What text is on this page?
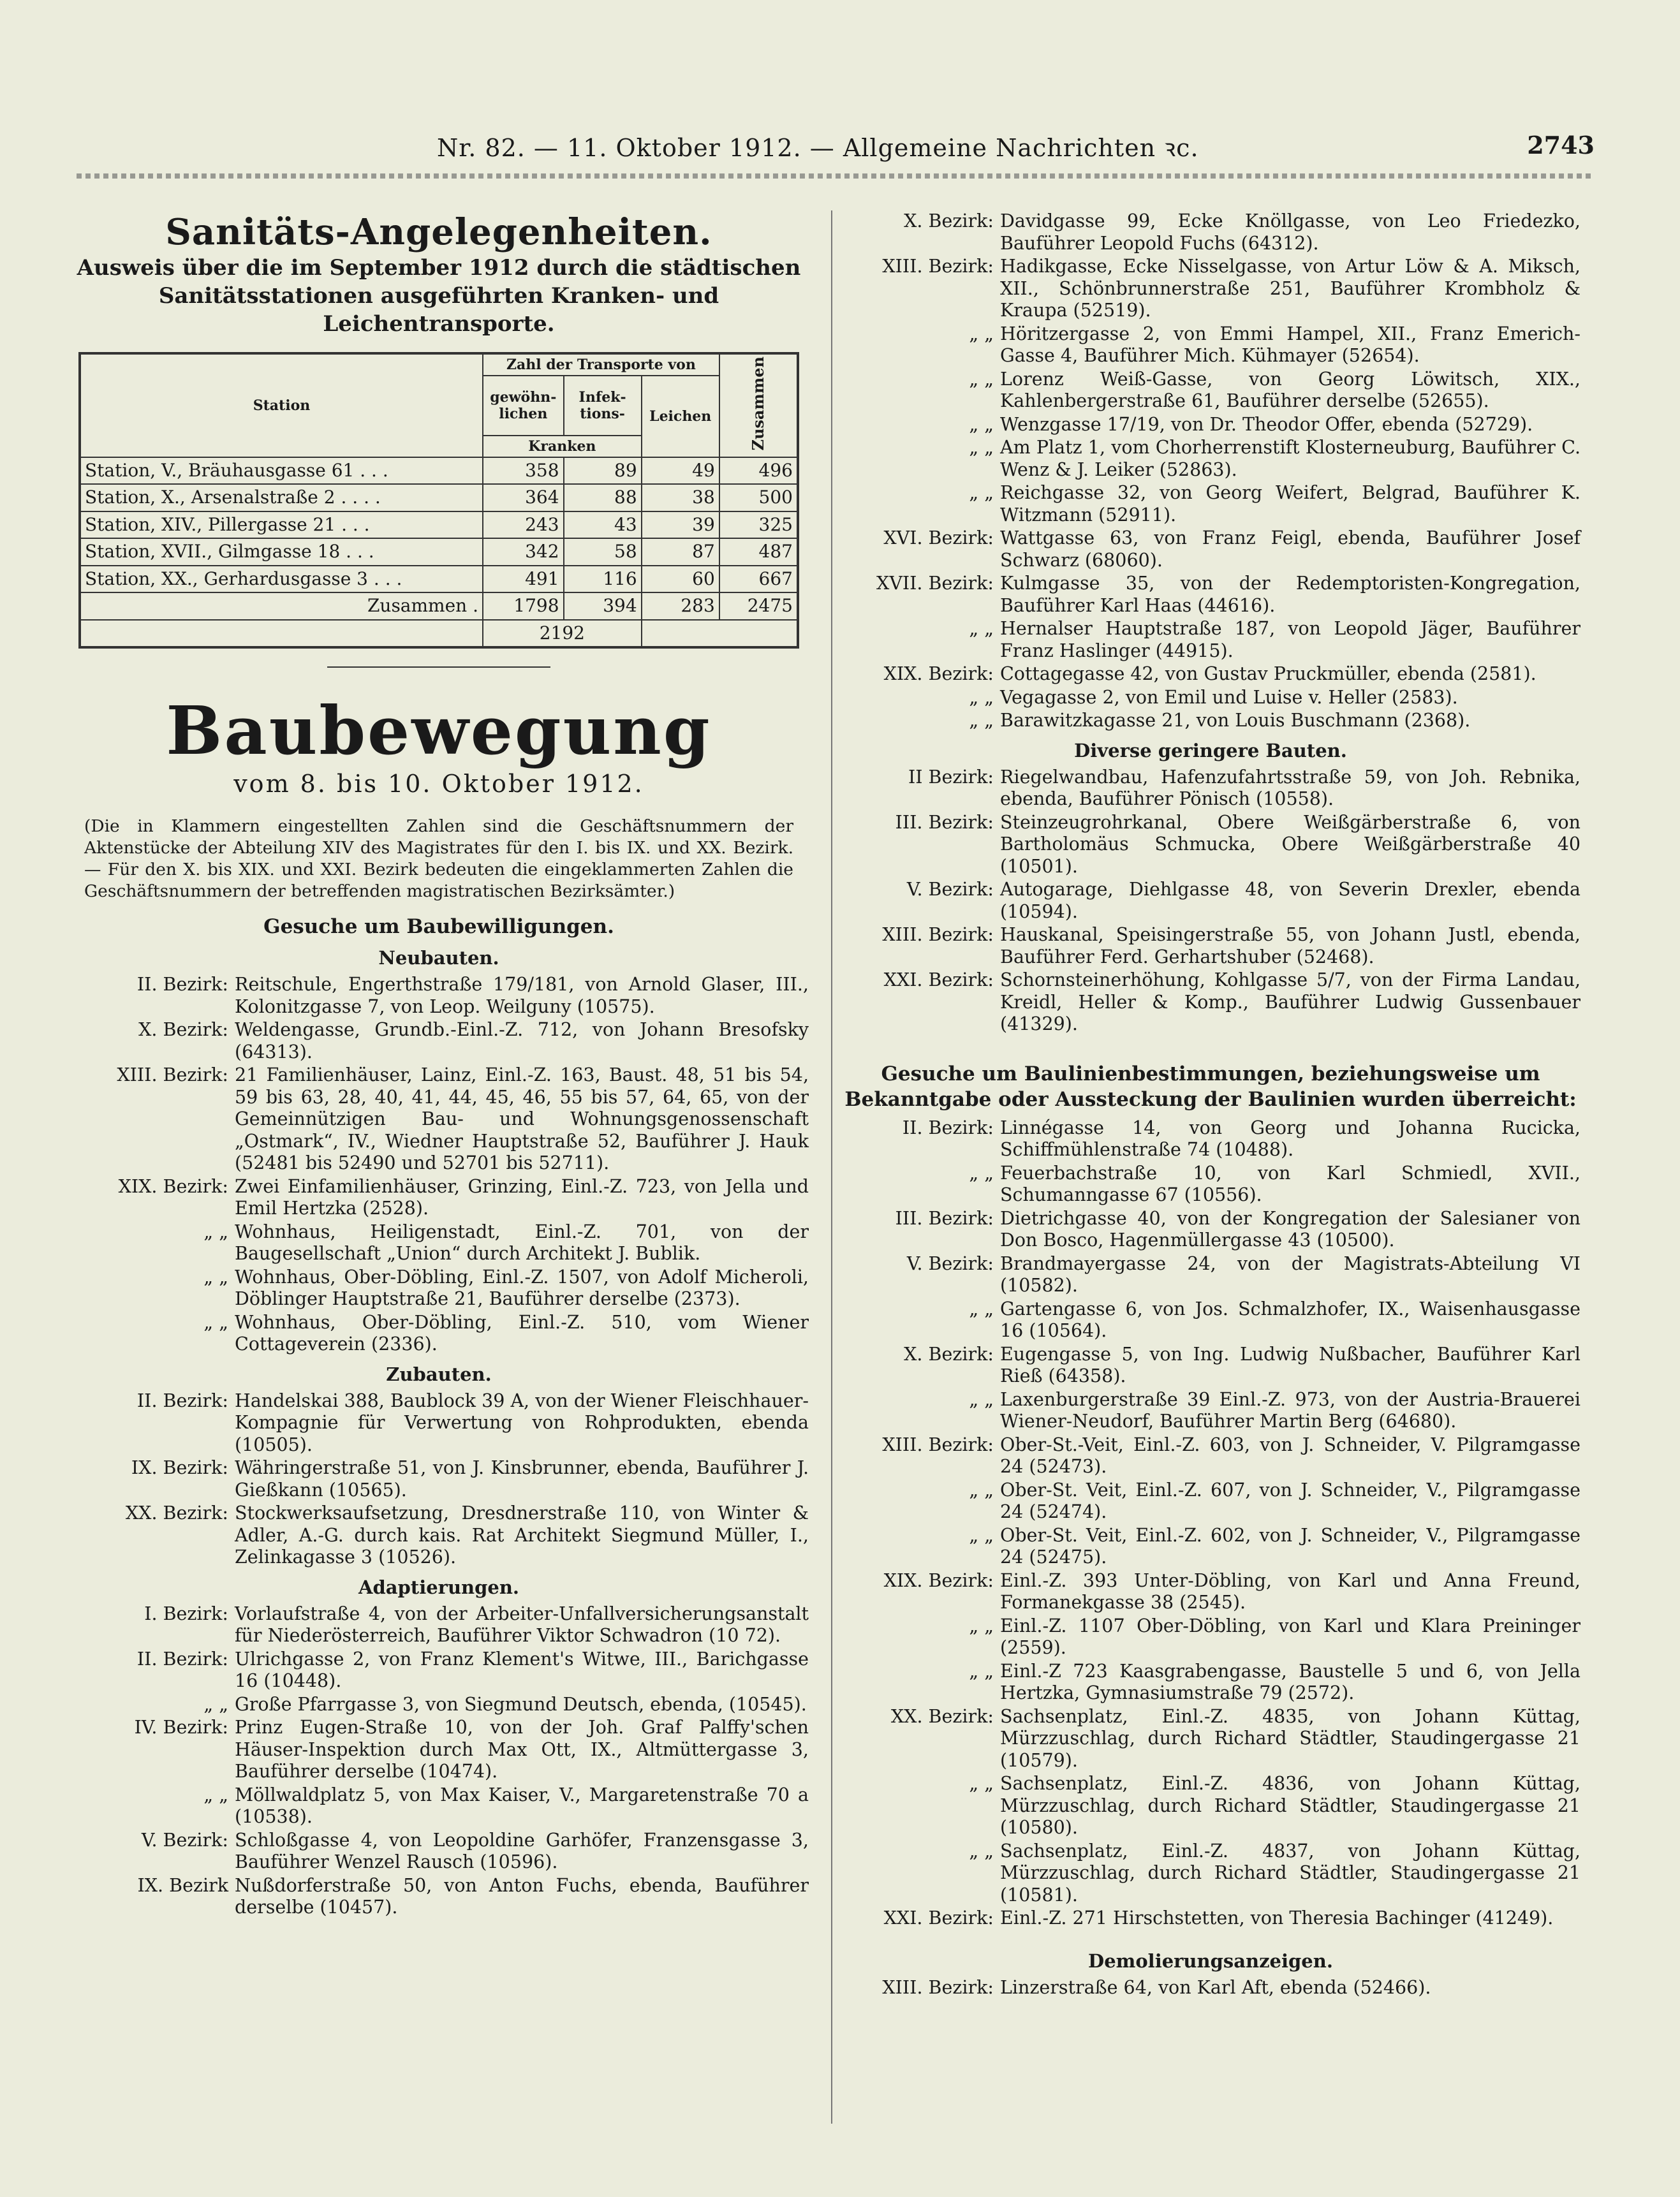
Nr. 82. — 11. Oktober 1912. — Allgemeine Nachrichten ꝛc.	2743

Sanitäts-Angelegenheiten.

Ausweis über die im September 1912 durch die städtischen Sanitätsstationen ausgeführten Kranken- und Leichentransporte.

Station	Zahl der Transporte von			Zusammen
	gewöhnlichen	Infektions-	Leichen	
	Kranken			
Station, V., Bräuhausgasse 61 . . .	358	89	49	496
Station, X., Arsenalstraße 2 . . . .	364	88	38	500
Station, XIV., Pillergasse 21 . . .	243	43	39	325
Station, XVII., Gilmgasse 18 . . .	342	58	87	487
Station, XX., Gerhardusgasse 3 . . .	491	116	60	667
Zusammen .	1798	394	283	2475
	2192			

Baubewegung

vom 8. bis 10. Oktober 1912.

(Die in Klammern eingestellten Zahlen sind die Geschäftsnummern der Aktenstücke der Abteilung XIV des Magistrates für den I. bis IX. und XX. Bezirk. — Für den X. bis XIX. und XXI. Bezirk bedeuten die eingeklammerten Zahlen die Geschäftsnummern der betreffenden magistratischen Bezirksämter.)

Gesuche um Baubewilligungen.

Neubauten.

II. Bezirk: Reitschule, Engerthstraße 179/181, von Arnold Glaser, III., Kolonitzgasse 7, von Leop. Weilguny (10575).
X. Bezirk: Weldengasse, Grundb.-Einl.-Z. 712, von Johann Bresofsky (64313).
XIII. Bezirk: 21 Familienhäuser, Lainz, Einl.-Z. 163, Baust. 48, 51 bis 54, 59 bis 63, 28, 40, 41, 44, 45, 46, 55 bis 57, 64, 65, von der Gemeinnützigen Bau- und Wohnungsgenossenschaft „Ostmark“, IV., Wiedner Hauptstraße 52, Bauführer J. Hauk (52481 bis 52490 und 52701 bis 52711).
XIX. Bezirk: Zwei Einfamilienhäuser, Grinzing, Einl.-Z. 723, von Jella und Emil Hertzka (2528).
„ „ Wohnhaus, Heiligenstadt, Einl.-Z. 701, von der Baugesellschaft „Union“ durch Architekt J. Bublik.
„ „ Wohnhaus, Ober-Döbling, Einl.-Z. 1507, von Adolf Micheroli, Döblinger Hauptstraße 21, Bauführer derselbe (2373).
„ „ Wohnhaus, Ober-Döbling, Einl.-Z. 510, vom Wiener Cottageverein (2336).

Zubauten.

II. Bezirk: Handelskai 388, Baublock 39 A, von der Wiener Fleischhauer-Kompagnie für Verwertung von Rohprodukten, ebenda (10505).
IX. Bezirk: Währingerstraße 51, von J. Kinsbrunner, ebenda, Bauführer J. Gießkann (10565).
XX. Bezirk: Stockwerksaufsetzung, Dresdnerstraße 110, von Winter & Adler, A.-G. durch kais. Rat Architekt Siegmund Müller, I., Zelinkagasse 3 (10526).

Adaptierungen.

I. Bezirk: Vorlaufstraße 4, von der Arbeiter-Unfallversicherungsanstalt für Niederösterreich, Bauführer Viktor Schwadron (10 72).
II. Bezirk: Ulrichgasse 2, von Franz Klement's Witwe, III., Barichgasse 16 (10448).
„ „ Große Pfarrgasse 3, von Siegmund Deutsch, ebenda, (10545).
IV. Bezirk: Prinz Eugen-Straße 10, von der Joh. Graf Palffy'schen Häuser-Inspektion durch Max Ott, IX., Altmüttergasse 3, Bauführer derselbe (10474).
„ „ Möllwaldplatz 5, von Max Kaiser, V., Margaretenstraße 70 a (10538).
V. Bezirk: Schloßgasse 4, von Leopoldine Garhöfer, Franzensgasse 3, Bauführer Wenzel Rausch (10596).
IX. Bezirk Nußdorferstraße 50, von Anton Fuchs, ebenda, Bauführer derselbe (10457).
X. Bezirk: Davidgasse 99, Ecke Knöllgasse, von Leo Friedezko, Bauführer Leopold Fuchs (64312).
XIII. Bezirk: Hadikgasse, Ecke Nisselgasse, von Artur Löw & A. Miksch, XII., Schönbrunnerstraße 251, Bauführer Krombholz & Kraupa (52519).
„ „ Höritzergasse 2, von Emmi Hampel, XII., Franz Emerich-Gasse 4, Bauführer Mich. Kühmayer (52654).
„ „ Lorenz Weiß-Gasse, von Georg Löwitsch, XIX., Kahlenbergerstraße 61, Bauführer derselbe (52655).
„ „ Wenzgasse 17/19, von Dr. Theodor Offer, ebenda (52729).
„ „ Am Platz 1, vom Chorherrenstift Klosterneuburg, Bauführer C. Wenz & J. Leiker (52863).
„ „ Reichgasse 32, von Georg Weifert, Belgrad, Bauführer K. Witzmann (52911).
XVI. Bezirk: Wattgasse 63, von Franz Feigl, ebenda, Bauführer Josef Schwarz (68060).
XVII. Bezirk: Kulmgasse 35, von der Redemptoristen-Kongregation, Bauführer Karl Haas (44616).
„ „ Hernalser Hauptstraße 187, von Leopold Jäger, Bauführer Franz Haslinger (44915).
XIX. Bezirk: Cottagegasse 42, von Gustav Pruckmüller, ebenda (2581).
„ „ Vegagasse 2, von Emil und Luise v. Heller (2583).
„ „ Barawitzkagasse 21, von Louis Buschmann (2368).

Diverse geringere Bauten.

II Bezirk: Riegelwandbau, Hafenzufahrtsstraße 59, von Joh. Rebnika, ebenda, Bauführer Pönisch (10558).
III. Bezirk: Steinzeugrohrkanal, Obere Weißgärberstraße 6, von Bartholomäus Schmucka, Obere Weißgärberstraße 40 (10501).
V. Bezirk: Autogarage, Diehlgasse 48, von Severin Drexler, ebenda (10594).
XIII. Bezirk: Hauskanal, Speisingerstraße 55, von Johann Justl, ebenda, Bauführer Ferd. Gerhartshuber (52468).
XXI. Bezirk: Schornsteinerhöhung, Kohlgasse 5/7, von der Firma Landau, Kreidl, Heller & Komp., Bauführer Ludwig Gussenbauer (41329).

Gesuche um Baulinienbestimmungen, beziehungsweise um Bekanntgabe oder Aussteckung der Baulinien wurden überreicht:

II. Bezirk: Linnégasse 14, von Georg und Johanna Rucicka, Schiffmühlenstraße 74 (10488).
„ „ Feuerbachstraße 10, von Karl Schmiedl, XVII., Schumanngasse 67 (10556).
III. Bezirk: Dietrichgasse 40, von der Kongregation der Salesianer von Don Bosco, Hagenmüllergasse 43 (10500).
V. Bezirk: Brandmayergasse 24, von der Magistrats-Abteilung VI (10582).
„ „ Gartengasse 6, von Jos. Schmalzhofer, IX., Waisenhausgasse 16 (10564).
X. Bezirk: Eugengasse 5, von Ing. Ludwig Nußbacher, Bauführer Karl Rieß (64358).
„ „ Laxenburgerstraße 39 Einl.-Z. 973, von der Austria-Brauerei Wiener-Neudorf, Bauführer Martin Berg (64680).
XIII. Bezirk: Ober-St.-Veit, Einl.-Z. 603, von J. Schneider, V. Pilgramgasse 24 (52473).
„ „ Ober-St. Veit, Einl.-Z. 607, von J. Schneider, V., Pilgramgasse 24 (52474).
„ „ Ober-St. Veit, Einl.-Z. 602, von J. Schneider, V., Pilgramgasse 24 (52475).
XIX. Bezirk: Einl.-Z. 393 Unter-Döbling, von Karl und Anna Freund, Formanekgasse 38 (2545).
„ „ Einl.-Z. 1107 Ober-Döbling, von Karl und Klara Preininger (2559).
„ „ Einl.-Z 723 Kaasgrabengasse, Baustelle 5 und 6, von Jella Hertzka, Gymnasiumstraße 79 (2572).
XX. Bezirk: Sachsenplatz, Einl.-Z. 4835, von Johann Küttag, Mürzzuschlag, durch Richard Städtler, Staudingergasse 21 (10579).
„ „ Sachsenplatz, Einl.-Z. 4836, von Johann Küttag, Mürzzuschlag, durch Richard Städtler, Staudingergasse 21 (10580).
„ „ Sachsenplatz, Einl.-Z. 4837, von Johann Küttag, Mürzzuschlag, durch Richard Städtler, Staudingergasse 21 (10581).
XXI. Bezirk: Einl.-Z. 271 Hirschstetten, von Theresia Bachinger (41249).

Demolierungsanzeigen.

XIII. Bezirk: Linzerstraße 64, von Karl Aft, ebenda (52466).
